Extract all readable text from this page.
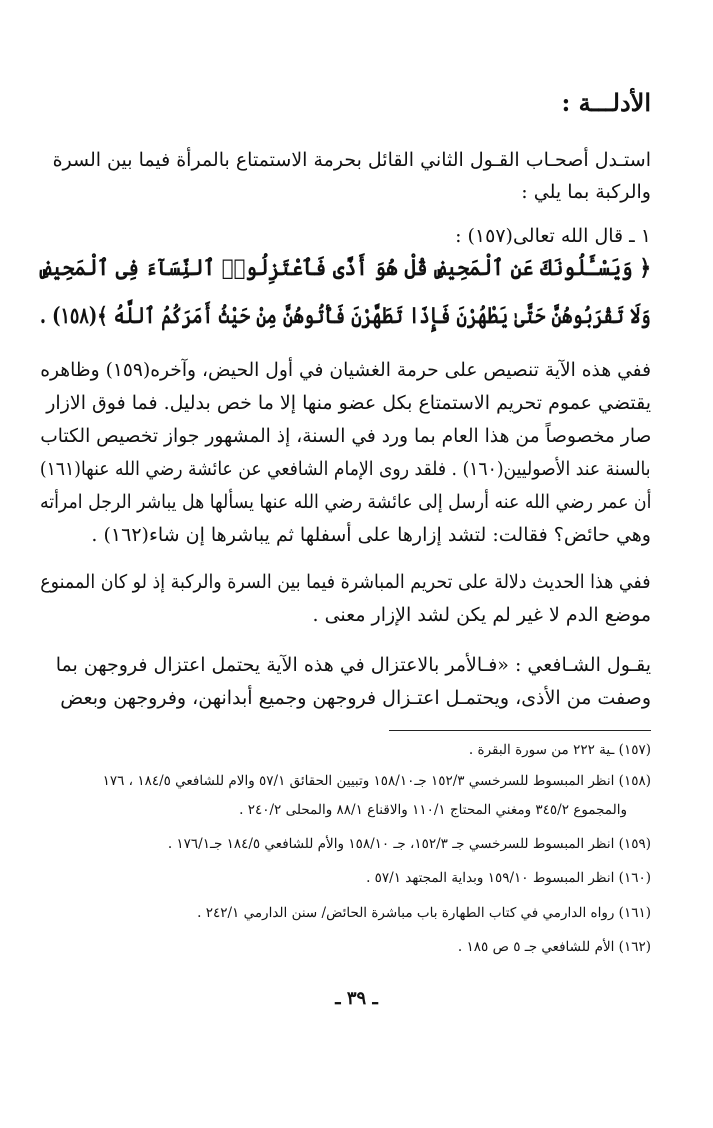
الأدلـــة :
استـدل أصحـاب القـول الثاني القائل بحرمة الاستمتاع بالمرأة فيما بين السرة
والركبة بما يلي :
١ ـ قال الله تعالى(١٥٧) :
﴿ وَيَسْـَٔلُونَكَ عَنِ ٱلْمَحِيضِ قُلْ هُوَ أَذًى فَٱعْتَزِلُوا۟ ٱلنِّسَآءَ فِى ٱلْمَحِيضِ
وَلَا تَقْرَبُوهُنَّ حَتَّىٰ يَطْهُرْنَ فَإِذَا تَطَهَّرْنَ فَأْتُوهُنَّ مِنْ حَيْثُ أَمَرَكُمُ ٱللَّهُ ﴾(١٥٨) .
ففي هذه الآية تنصيص على حرمة الغشيان في أول الحيض، وآخره(١٥٩) وظاهره
يقتضي عموم تحريم الاستمتاع بكل عضو منها إلا ما خص بدليل. فما فوق الازار
صار مخصوصاً من هذا العام بما ورد في السنة، إذ المشهور جواز تخصيص الكتاب
بالسنة عند الأصوليين(١٦٠) . فلقد روى الإمام الشافعي عن عائشة رضي الله عنها(١٦١)
أن عمر رضي الله عنه أرسل إلى عائشة رضي الله عنها يسألها هل يباشر الرجل امرأته
وهي حائض؟ فقالت: لتشد إزارها على أسفلها ثم يباشرها إن شاء(١٦٢) .
ففي هذا الحديث دلالة على تحريم المباشرة فيما بين السرة والركبة إذ لو كان الممنوع
موضع الدم لا غير لم يكن لشد الإزار معنى .
يقـول الشـافعي : «فـالأمر بالاعتزال في هذه الآية يحتمل اعتزال فروجهن بما
وصفت من الأذى، ويحتمـل اعتـزال فروجهن وجميع أبدانهن، وفروجهن وبعض
(١٥٧) ـية ٢٢٢ من سورة البقرة .
(١٥٨) انظر المبسوط للسرخسي ١٥٢/٣ جـ١٥٨/١٠ وتبيين الحقائق ٥٧/١ والام للشافعي ١٨٤/٥ ، ١٧٦
والمجموع ٣٤٥/٢ ومغني المحتاج ١١٠/١ والاقناع ٨٨/١ والمحلى ٢٤٠/٢ .
(١٥٩) انظر المبسوط للسرخسي جـ ١٥٢/٣، جـ ١٥٨/١٠ والأم للشافعي ١٨٤/٥ جـ١٧٦/١ .
(١٦٠) انظر المبسوط ١٥٩/١٠ وبداية المجتهد ٥٧/١ .
(١٦١) رواه الدارمي في كتاب الطهارة باب مباشرة الحائض/ سنن الدارمي ٢٤٢/١ .
(١٦٢) الأم للشافعي جـ ٥ ص ١٨٥ .
ـ ٣٩ ـ
